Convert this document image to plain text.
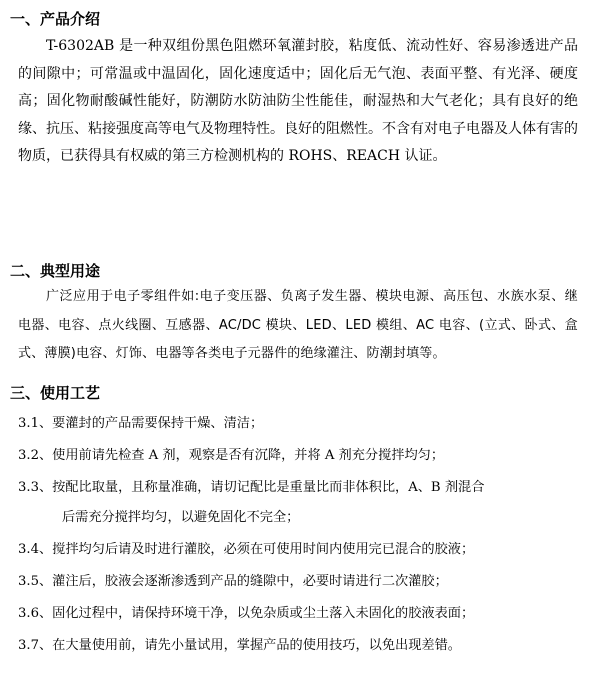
一、产品介绍
T-6302AB 是一种双组份黑色阻燃环氧灌封胶，粘度低、流动性好、容易渗透进产品的间隙中；可常温或中温固化，固化速度适中；固化后无气泡、表面平整、有光泽、硬度高；固化物耐酸碱性能好，防潮防水防油防尘性能佳，耐湿热和大气老化；具有良好的绝缘、抗压、粘接强度高等电气及物理特性。良好的阻燃性。不含有对电子电器及人体有害的物质，已获得具有权威的第三方检测机构的 ROHS、REACH 认证。
二、典型用途
广泛应用于电子零组件如:电子变压器、负离子发生器、模块电源、高压包、水族水泵、继电器、电容、点火线圈、互感器、AC/DC 模块、LED、LED 模组、AC 电容、(立式、卧式、盒式、薄膜)电容、灯饰、电器等各类电子元器件的绝缘灌注、防潮封填等。
三、使用工艺
3.1、要灌封的产品需要保持干燥、清洁；
3.2、使用前请先检查 A 剂，观察是否有沉降，并将 A 剂充分搅拌均匀；
3.3、按配比取量，且称量准确，请切记配比是重量比而非体积比，A、B 剂混合
后需充分搅拌均匀，以避免固化不完全；
3.4、搅拌均匀后请及时进行灌胶，必须在可使用时间内使用完已混合的胶液；
3.5、灌注后，胶液会逐渐渗透到产品的缝隙中，必要时请进行二次灌胶；
3.6、固化过程中，请保持环境干净，以免杂质或尘土落入未固化的胶液表面；
3.7、在大量使用前，请先小量试用，掌握产品的使用技巧，以免出现差错。
